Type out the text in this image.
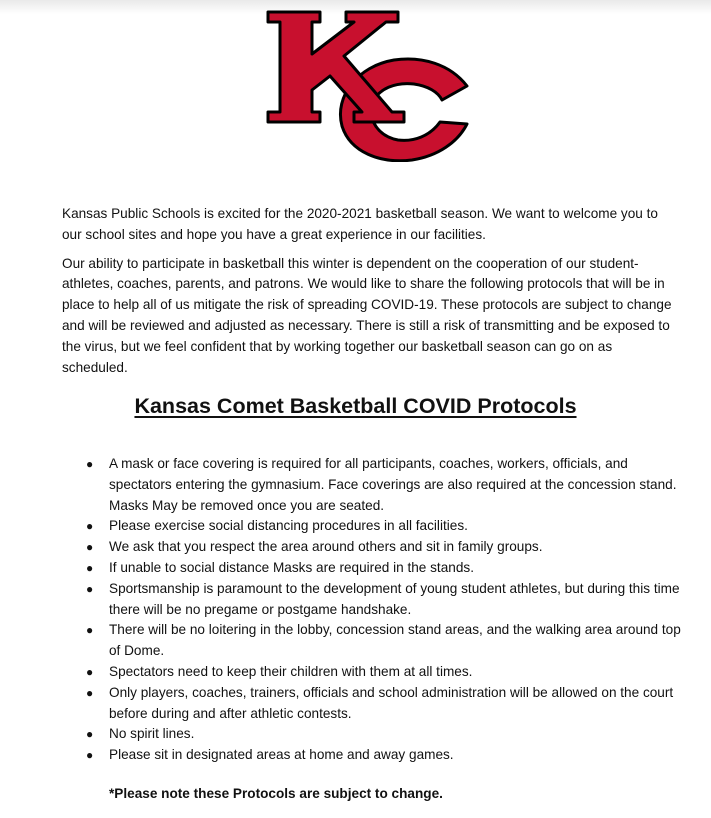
Kansas Public Schools is excited for the 2020-2021 basketball season. We want to welcome you to our school sites and hope you have a great experience in our facilities.

Our ability to participate in basketball this winter is dependent on the cooperation of our student-athletes, coaches, parents, and patrons. We would like to share the following protocols that will be in place to help all of us mitigate the risk of spreading COVID-19. These protocols are subject to change and will be reviewed and adjusted as necessary. There is still a risk of transmitting and be exposed to the virus, but we feel confident that by working together our basketball season can go on as scheduled.

Kansas Comet Basketball COVID Protocols
●	A mask or face covering is required for all participants, coaches, workers, officials, and spectators entering the gymnasium. Face coverings are also required at the concession stand. Masks May be removed once you are seated.
●	Please exercise social distancing procedures in all facilities.
●	We ask that you respect the area around others and sit in family groups.
●	If unable to social distance Masks are required in the stands.
●	Sportsmanship is paramount to the development of young student athletes, but during this time there will be no pregame or postgame handshake.
●	There will be no loitering in the lobby, concession stand areas, and the walking area around top of Dome.
●	Spectators need to keep their children with them at all times.
●	Only players, coaches, trainers, officials and school administration will be allowed on the court before during and after athletic contests.
●	No spirit lines.
●	Please sit in designated areas at home and away games.
*Please note these Protocols are subject to change.
